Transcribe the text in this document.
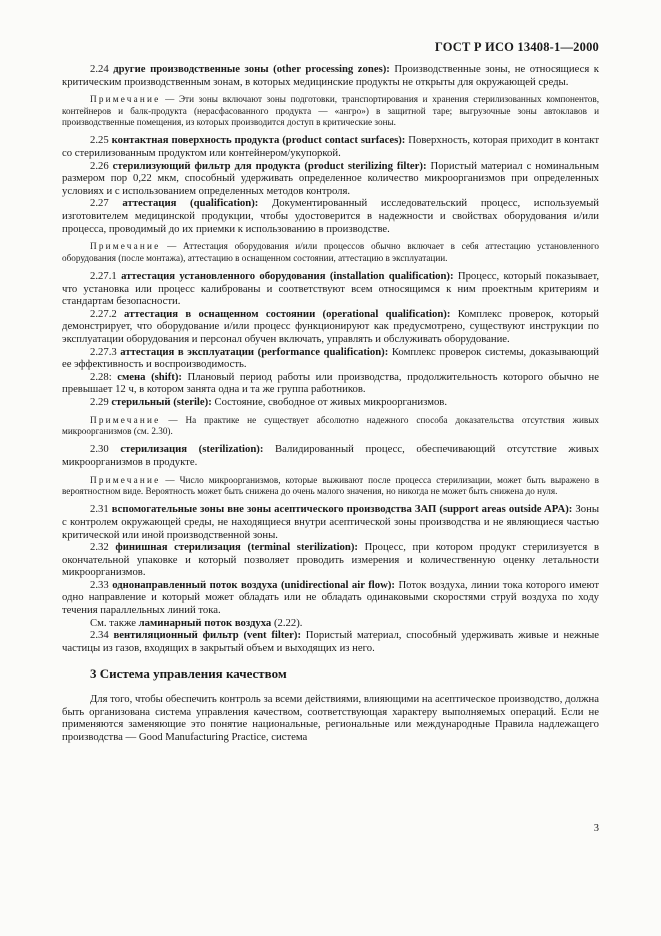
ГОСТ Р ИСО 13408-1—2000

2.24 другие производственные зоны (other processing zones): Производственные зоны, не относящиеся к критическим производственным зонам, в которых медицинские продукты не открыты для окружающей среды.

Примечание — Эти зоны включают зоны подготовки, транспортирования и хранения стерилизованных компонентов, контейнеров и балк-продукта (нерасфасованного продукта — «ангро») в защитной таре; выгрузочные зоны автоклавов и производственные помещения, из которых производится доступ в критические зоны.

2.25 контактная поверхность продукта (product contact surfaces): Поверхность, которая приходит в контакт со стерилизованным продуктом или контейнером/укупоркой.

2.26 стерилизующий фильтр для продукта (product sterilizing filter): Пористый материал с номинальным размером пор 0,22 мкм, способный удерживать определенное количество микроорганизмов при определенных условиях и с использованием определенных методов контроля.

2.27 аттестация (qualification): Документированный исследовательский процесс, используемый изготовителем медицинской продукции, чтобы удостоверится в надежности и свойствах оборудования и/или процесса, проводимый до их приемки к использованию в производстве.

Примечание — Аттестация оборудования и/или процессов обычно включает в себя аттестацию установленного оборудования (после монтажа), аттестацию в оснащенном состоянии, аттестацию в эксплуатации.

2.27.1 аттестация установленного оборудования (installation qualification): Процесс, который показывает, что установка или процесс калиброваны и соответствуют всем относящимся к ним проектным критериям и стандартам безопасности.

2.27.2 аттестация в оснащенном состоянии (operational qualification): Комплекс проверок, который демонстрирует, что оборудование и/или процесс функционируют как предусмотрено, существуют инструкции по эксплуатации оборудования и персонал обучен включать, управлять и обслуживать оборудование.

2.27.3 аттестация в эксплуатации (performance qualification): Комплекс проверок системы, доказывающий ее эффективность и воспроизводимость.

2.28: смена (shift): Плановый период работы или производства, продолжительность которого обычно не превышает 12 ч, в котором занята одна и та же группа работников.

2.29 стерильный (sterile): Состояние, свободное от живых микроорганизмов.

Примечание — На практике не существует абсолютно надежного способа доказательства отсутствия живых микроорганизмов (см. 2.30).

2.30 стерилизация (sterilization): Валидированный процесс, обеспечивающий отсутствие живых микроорганизмов в продукте.

Примечание — Число микроорганизмов, которые выживают после процесса стерилизации, может быть выражено в вероятностном виде. Вероятность может быть снижена до очень малого значения, но никогда не может быть снижена до нуля.

2.31 вспомогательные зоны вне зоны асептического производства ЗАП (support areas outside APA): Зоны с контролем окружающей среды, не находящиеся внутри асептической зоны производства и не являющиеся частью критической или иной производственной зоны.

2.32 финишная стерилизация (terminal sterilization): Процесс, при котором продукт стерилизуется в окончательной упаковке и который позволяет проводить измерения и количественную оценку летальности микроорганизмов.

2.33 однонаправленный поток воздуха (unidirectional air flow): Поток воздуха, линии тока которого имеют одно направление и который может обладать или не обладать одинаковыми скоростями струй воздуха по ходу течения параллельных линий тока.

См. также ламинарный поток воздуха (2.22).

2.34 вентиляционный фильтр (vent filter): Пористый материал, способный удерживать живые и нежные частицы из газов, входящих в закрытый объем и выходящих из него.

3 Система управления качеством

Для того, чтобы обеспечить контроль за всеми действиями, влияющими на асептическое производство, должна быть организована система управления качеством, соответствующая характеру выполняемых операций. Если не применяются заменяющие это понятие национальные, региональные или международные Правила надлежащего производства — Good Manufacturing Practice, система

3
